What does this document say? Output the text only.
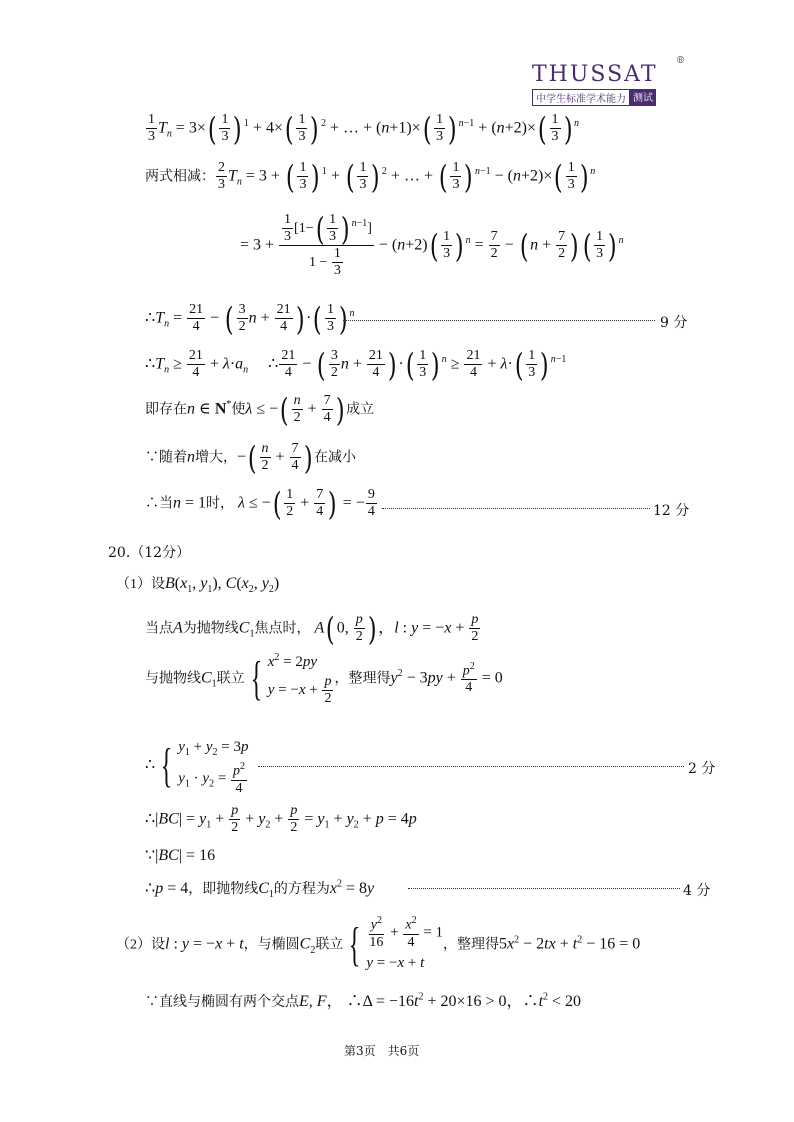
THUSSAT
®
中学生标准学术能力 测试
$\frac{1}{3} T_n = 3\times( \frac{1}{3}$ ) $^1 + 4\times( \frac{1}{3}$ ) $^2$ + … + $(n+1)\times( \frac{1}{3}$ ) $^{n-1} + (n+2)\times( \frac{1}{3}$ ) $^n$
两式相减： $\frac{2}{3} T_n = 3$ + ( $\frac{1}{3}$ ) $^1$ + ( $\frac{1}{3}$ ) $^2$ + … + ( $\frac{1}{3}$ ) $^{n-1} - (n+2)\times( \frac{1}{3}$ ) $^n$
= $3 + \frac{\frac{1}{3} [1-( \frac{1}{3} ) ^{n-1}]}{1 - \frac{1}{3}} - (n+2)( \frac{1}{3}$ ) $^n = \frac{7}{2}$ − ( $n + \frac{7}{2}$ ) ( $\frac{1}{3}$ ) $^n$
$\therefore T_n = \frac{21}{4}$ − ( $\frac{3}{2}$ $n + \frac{21}{4}$ ) ·( $\frac{1}{3}$ ) $^n$
9 分
$\therefore T_n \ge \frac{21}{4} + \lambda\cdot a_n$     ∴ $\frac{21}{4}$ − ( $\frac{3}{2}$ $n + \frac{21}{4}$ ) ·( $\frac{1}{3}$ ) $^n \ge \frac{21}{4} + \lambda\cdot( \frac{1}{3}$ ) $^{n-1}$
即存在n ∈ N*使λ ≤ −( $\frac{n}{2} + \frac{7}{4}$ ) 成立
∵随着n增大，−( $\frac{n}{2} + \frac{7}{4}$ ) 在减小
∴当n = 1时， λ ≤ −( $\frac{1}{2} + \frac{7}{4}$ ) = − $\frac{9}{4}$	12 分
20.（12分）
（1）设$B(x_1$, $y_1$), $C(x_2$, $y_2$)
当点A为抛物线$C_1$焦点时， A( 0, $\frac{p}{2}$ ) ，l : $y = -x + \frac{p}{2}$
与抛物线$C_1$联立 { $x^2 = 2py$
$y = -x + \frac{p}{2}$ ，整理得$y^2 - 3py + \frac{p^2}{4} = 0$
∴ { $y_1 + y_2 = 3p$
$y_1 \cdot y_2 = \frac{p^2}{4}$	2 分
∴|BC| = $y_1 + \frac{p}{2} + y_2 + \frac{p}{2} = y_1 + y_2 + p = 4p$
∵|BC| = 16
∴p = 4，即抛物线$C_1$的方程为$x^2 = 8y$	4 分
（2）设l : y = −x + t，与椭圆$C_2$联立 { $\frac{y^2}{16} + \frac{x^2}{4} = 1$
y = −x + t
，整理得$5x^2 - 2tx + t^2 - 16 = 0$
∵直线与椭圆有两个交点E, F， ∴Δ = $-16t^2 + 20\times 16 > 0$，$\therefore t^2 < 20$
第3页　共6页
